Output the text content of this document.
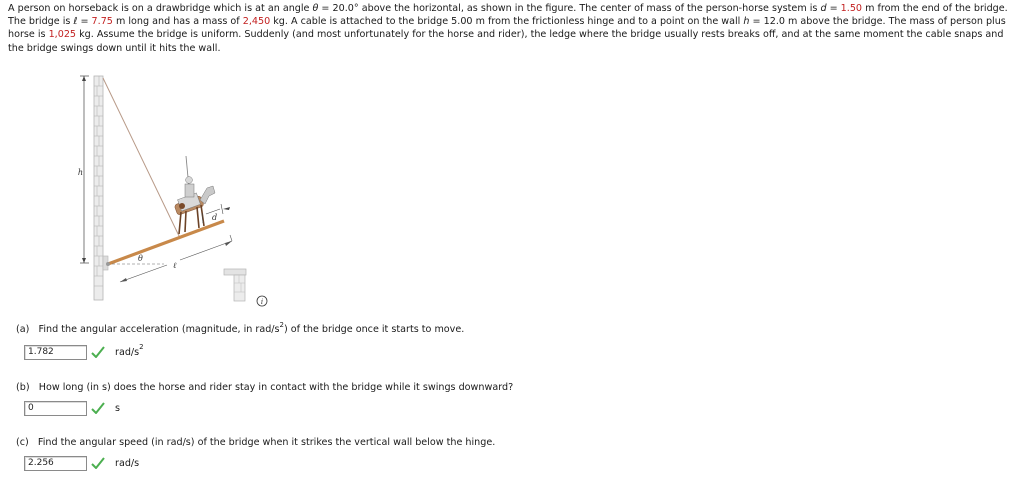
A person on horseback is on a drawbridge which is at an angle θ = 20.0° above the horizontal, as shown in the figure. The center of mass of the person-horse system is d = 1.50 m from the end of the bridge. The bridge is ℓ = 7.75 m long and has a mass of 2,450 kg. A cable is attached to the bridge 5.00 m from the frictionless hinge and to a point on the wall h = 12.0 m above the bridge. The mass of person plus horse is 1,025 kg. Assume the bridge is uniform. Suddenly (and most unfortunately for the horse and rider), the ledge where the bridge usually rests breaks off, and at the same moment the cable snaps and the bridge swings down until it hits the wall.

h
θ
ℓ
d
i
(a) Find the angular acceleration (magnitude, in rad/$s^2$) of the bridge once it starts to move.
1.782	rad/$s^2$
(b) How long (in s) does the horse and rider stay in contact with the bridge while it swings downward?
0	s
(c) Find the angular speed (in rad/s) of the bridge when it strikes the vertical wall below the hinge.
2.256	rad/s
